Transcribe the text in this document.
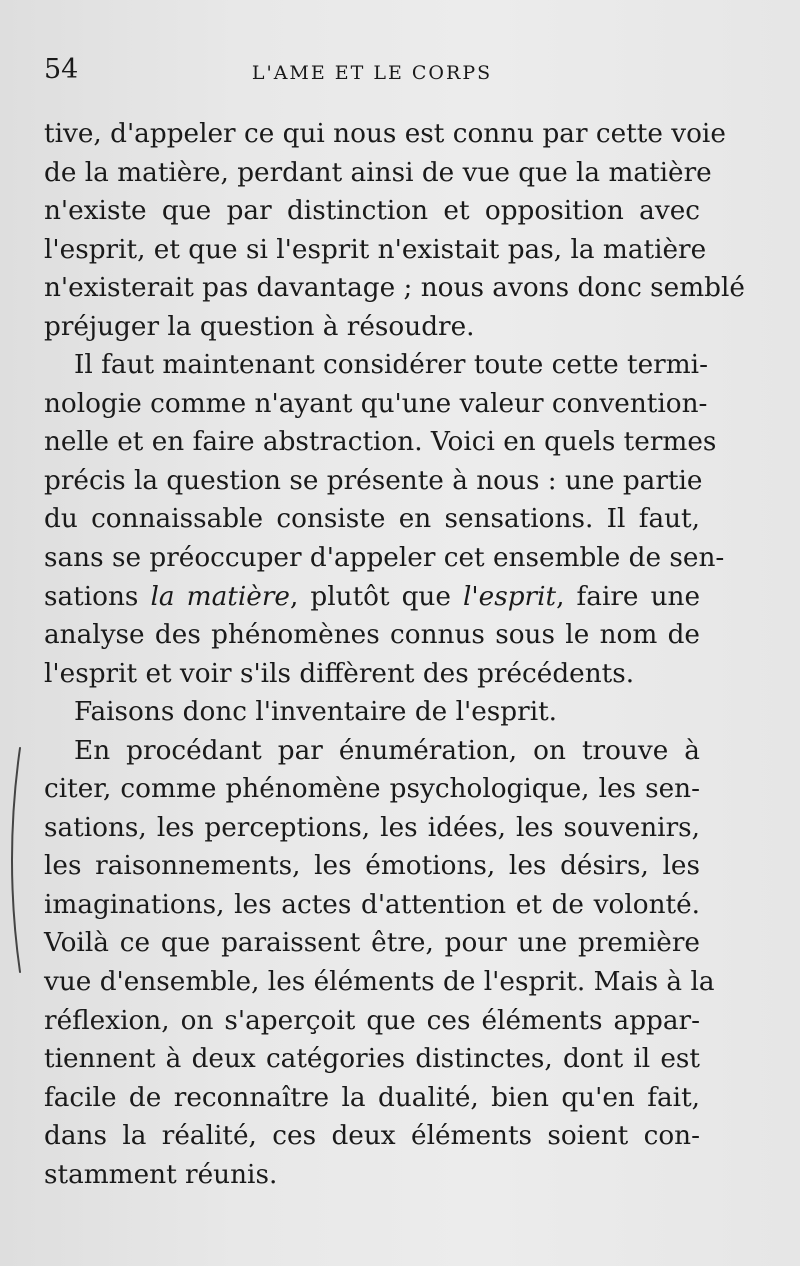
54	L'AME ET LE CORPS
tive, d'appeler ce qui nous est connu par cette voie
de la matière, perdant ainsi de vue que la matière
n'existe que par distinction et opposition avec
l'esprit, et que si l'esprit n'existait pas, la matière
n'existerait pas davantage ; nous avons donc semblé
préjuger la question à résoudre.
Il faut maintenant considérer toute cette termi-
nologie comme n'ayant qu'une valeur convention-
nelle et en faire abstraction. Voici en quels termes
précis la question se présente à nous : une partie
du connaissable consiste en sensations. Il faut,
sans se préoccuper d'appeler cet ensemble de sen-
sations la matière, plutôt que l'esprit, faire une
analyse des phénomènes connus sous le nom de
l'esprit et voir s'ils diffèrent des précédents.
Faisons donc l'inventaire de l'esprit.
En procédant par énumération, on trouve à
citer, comme phénomène psychologique, les sen-
sations, les perceptions, les idées, les souvenirs,
les raisonnements, les émotions, les désirs, les
imaginations, les actes d'attention et de volonté.
Voilà ce que paraissent être, pour une première
vue d'ensemble, les éléments de l'esprit. Mais à la
réflexion, on s'aperçoit que ces éléments appar-
tiennent à deux catégories distinctes, dont il est
facile de reconnaître la dualité, bien qu'en fait,
dans la réalité, ces deux éléments soient con-
stamment réunis.
